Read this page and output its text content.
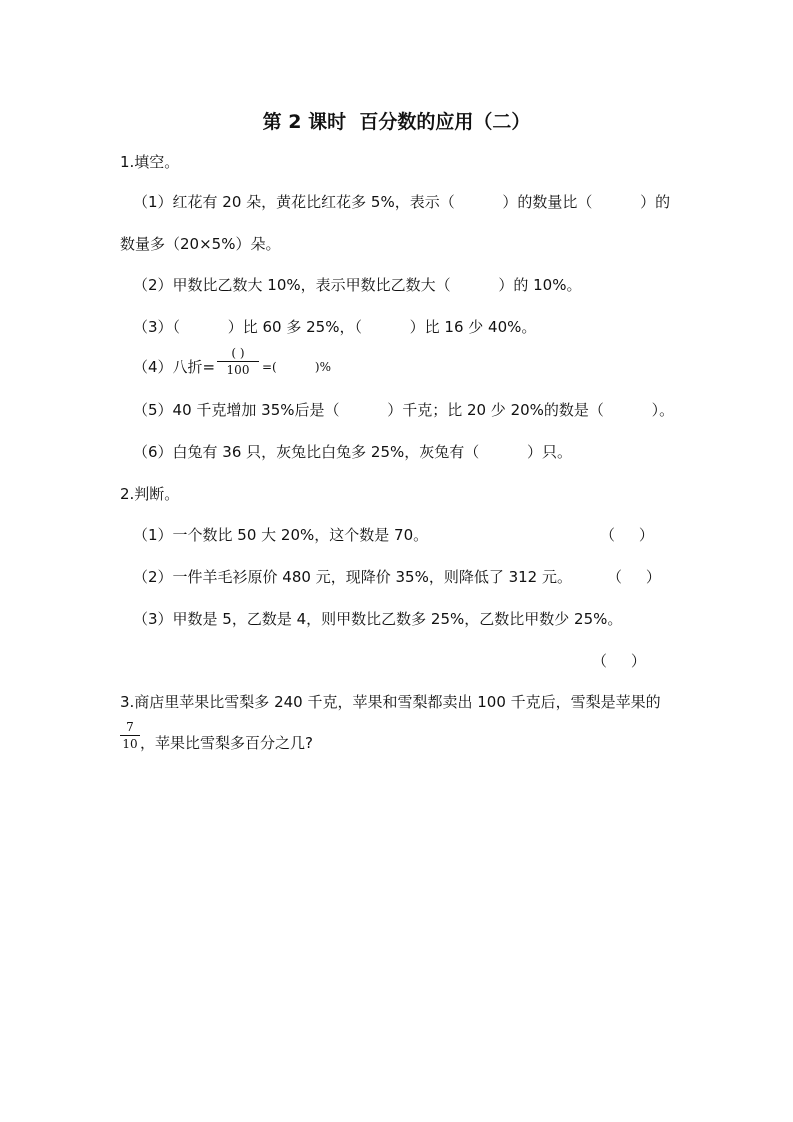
第 2 课时  百分数的应用（二）
1.填空。
（1）红花有 20 朵，黄花比红花多 5%，表示（          ）的数量比（          ）的
数量多（20×5%）朵。
（2）甲数比乙数大 10%，表示甲数比乙数大（          ）的 10%。
（3）（          ）比 60 多 25%，（          ）比 16 少 40%。
（4）八折=
( )
100	=(          )%
（5）40 千克增加 35%后是（          ）千克；比 20 少 20%的数是（          ）。
（6）白兔有 36 只，灰兔比白兔多 25%，灰兔有（          ）只。
2.判断。
（1）一个数比 50 大 20%，这个数是 70。	（     ）
（2）一件羊毛衫原价 480 元，现降价 35%，则降低了 312 元。 （     ）
（3）甲数是 5，乙数是 4，则甲数比乙数多 25%，乙数比甲数少 25%。
（     ）
3.商店里苹果比雪梨多 240 千克，苹果和雪梨都卖出 100 千克后，雪梨是苹果的
7
10 ，苹果比雪梨多百分之几?
